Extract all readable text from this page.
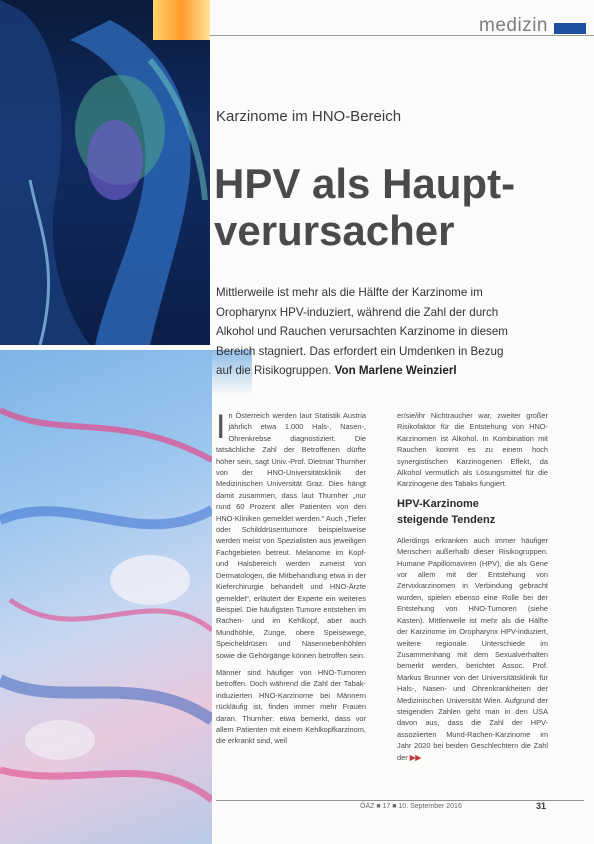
medizin
Karzinome im HNO-Bereich
HPV als Haupt-
verursacher
Mittlerweile ist mehr als die Hälfte der Karzinome im Oropharynx HPV-induziert, während die Zahl der durch Alkohol und Rauchen verursachten Karzinome in diesem Bereich stagniert. Das erfordert ein Umdenken in Bezug auf die Risikogruppen. Von Marlene Weinzierl

In Österreich werden laut Statistik Austria jährlich etwa 1.000 Hals-, Nasen-, Ohrenkrebse diagnostiziert. Die tatsächliche Zahl der Betroffenen dürfte höher sein, sagt Univ.-Prof. Dietmar Thurnher von der HNO-Universitätsklinik der Medizinischen Universität Graz. Dies hängt damit zusammen, dass laut Thurnher „nur rund 60 Prozent aller Patienten von den HNO-Kliniken gemeldet werden.“ Auch „Tiefer oder Schilddrüsentumore beispielsweise werden meist von Spezialisten aus jeweiligen Fachgebieten betreut. Melanome im Kopf- und Halsbereich werden zumeist von Dermatologen, die Mitbehandlung etwa in der Kieferchirurgie behandelt und HNO-Ärzte gemeldet“, erläutert der Experte ein weiteres Beispiel. Die häufigsten Tumore entstehen im Rachen- und im Kehlkopf, aber auch Mundhöhle, Zunge, obere Speisewege, Speicheldrüsen und Nasennebenhöhlen sowie die Gehörgänge können betroffen sein.

Männer sind häufiger von HNO-Tumoren betroffen. Doch während die Zahl der Tabak-induzierten HNO-Karzinome bei Männern rückläufig ist, finden immer mehr Frauen daran. Thurnher: etwa bemerkt, dass vor allem Patienten mit einem Kehlkopfkarzinom, die erkrankt sind, weil

er/sie/ihr Nichtraucher war, zweiter großer Risikofaktor für die Entstehung von HNO-Karzinomen ist Alkohol. In Kombination mit Rauchen kommt es zu einem hoch synergistischen Karzinogenen Effekt, da Alkohol vermutlich als Lösungsmittel für die Karzinogene des Tabaks fungiert.

HPV-Karzinome
steigende Tendenz

Allerdings erkranken auch immer häufiger Menschen außerhalb dieser Risikogruppen. Humane Papillomaviren (HPV), die als Gene vor allem mit der Entstehung von Zervixkarzinomen in Verbindung gebracht wurden, spielen ebenso eine Rolle bei der Entstehung von HNO-Tumoren (siehe Kasten). Mittlerweile ist mehr als die Hälfte der Karzinome im Oropharynx HPV-induziert, weitere regionale Unterschiede im Zusammenhang mit dem Sexualverhalten bemerkt werden, berichtet Assoc. Prof. Markus Brunner von der Universitätsklinik für Hals-, Nasen- und Ohrenkrankheiten der Medizinischen Universität Wien. Aufgrund der steigenden Zahlen geht man in den USA davon aus, dass die Zahl der HPV-assoziierten Mund-Rachen-Karzinome im Jahr 2020 bei beiden Geschlechtern die Zahl der ▶▶

ÖÄZ ■ 17 ■ 10. September 2016	31
